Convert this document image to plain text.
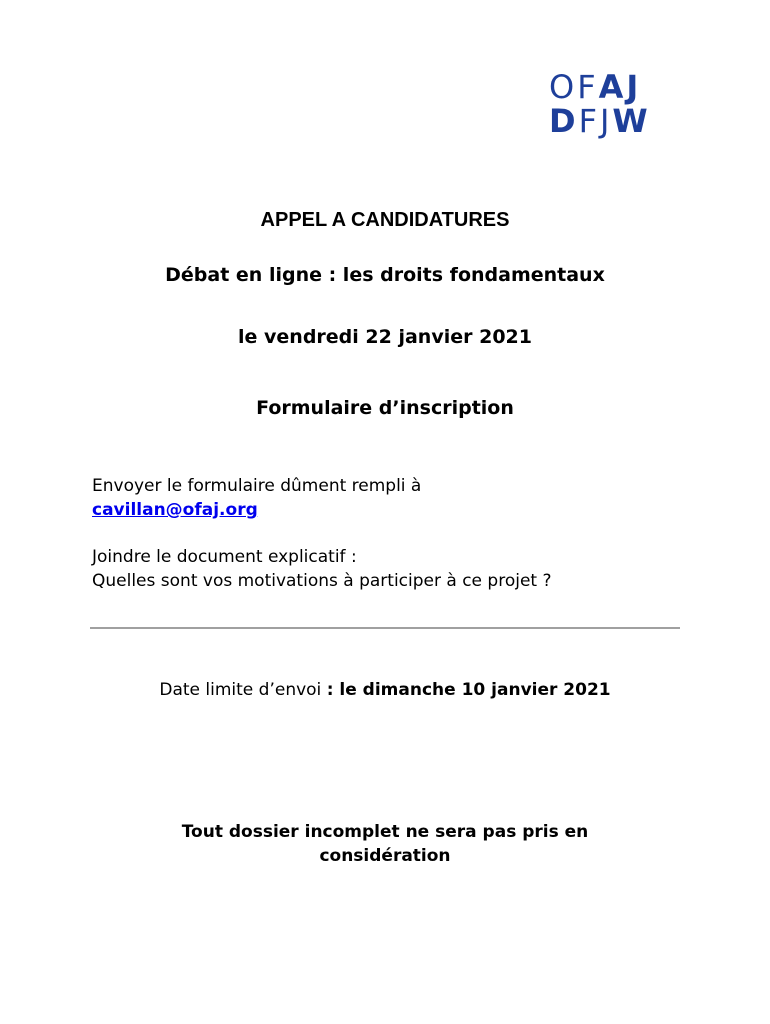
OFAJ
DFJW
APPEL A CANDIDATURES
Débat en ligne : les droits fondamentaux
le vendredi 22 janvier 2021
Formulaire d’inscription
Envoyer le formulaire dûment rempli à
cavillan@ofaj.org
Joindre le document explicatif :
Quelles sont vos motivations à participer à ce projet ?
Date limite d’envoi : le dimanche 10 janvier 2021
Tout dossier incomplet ne sera pas pris en
considération
